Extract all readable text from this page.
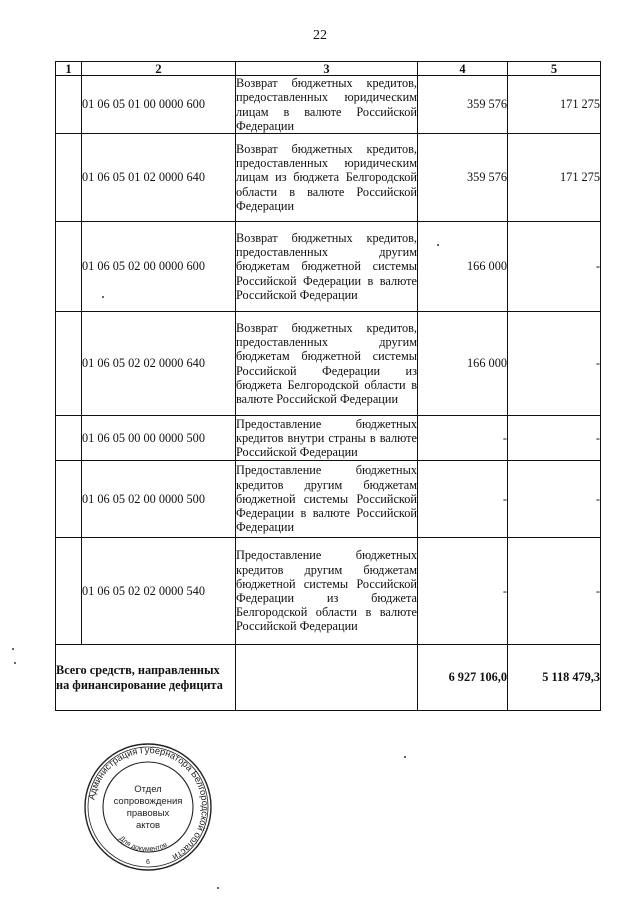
22
1	2	3	4	5
	01 06 05 01 00 0000 600	Возврат бюджетных кредитов, предоставленных юридическим лицам в валюте Российской Федерации	359 576	171 275
	01 06 05 01 02 0000 640	Возврат бюджетных кредитов, предоставленных юридическим лицам из бюджета Белгородской области в валюте Российской Федерации	359 576	171 275
	01 06 05 02 00 0000 600	Возврат бюджетных кредитов, предоставленных другим бюджетам бюджетной системы Российской Федерации в валюте Российской Федерации	166 000	-
	01 06 05 02 02 0000 640	Возврат бюджетных кредитов, предоставленных другим бюджетам бюджетной системы Российской Федерации из бюджета Белгородской области в валюте Российской Федерации	166 000	-
	01 06 05 00 00 0000 500	Предоставление бюджетных кредитов внутри страны в валюте Российской Федерации	-	-
	01 06 05 02 00 0000 500	Предоставление бюджетных кредитов другим бюджетам бюджетной системы Российской Федерации в валюте Российской Федерации	-	-
	01 06 05 02 02 0000 540	Предоставление бюджетных кредитов другим бюджетам бюджетной системы Российской Федерации из бюджета Белгородской области в валюте Российской Федерации	-	-
Всего средств, направленных на финансирование дефицита			6 927 106,0	5 118 479,3
Администрация Губернатора Белгородской области
Для документов
Отдел
сопровождения
правовых
актов
6
